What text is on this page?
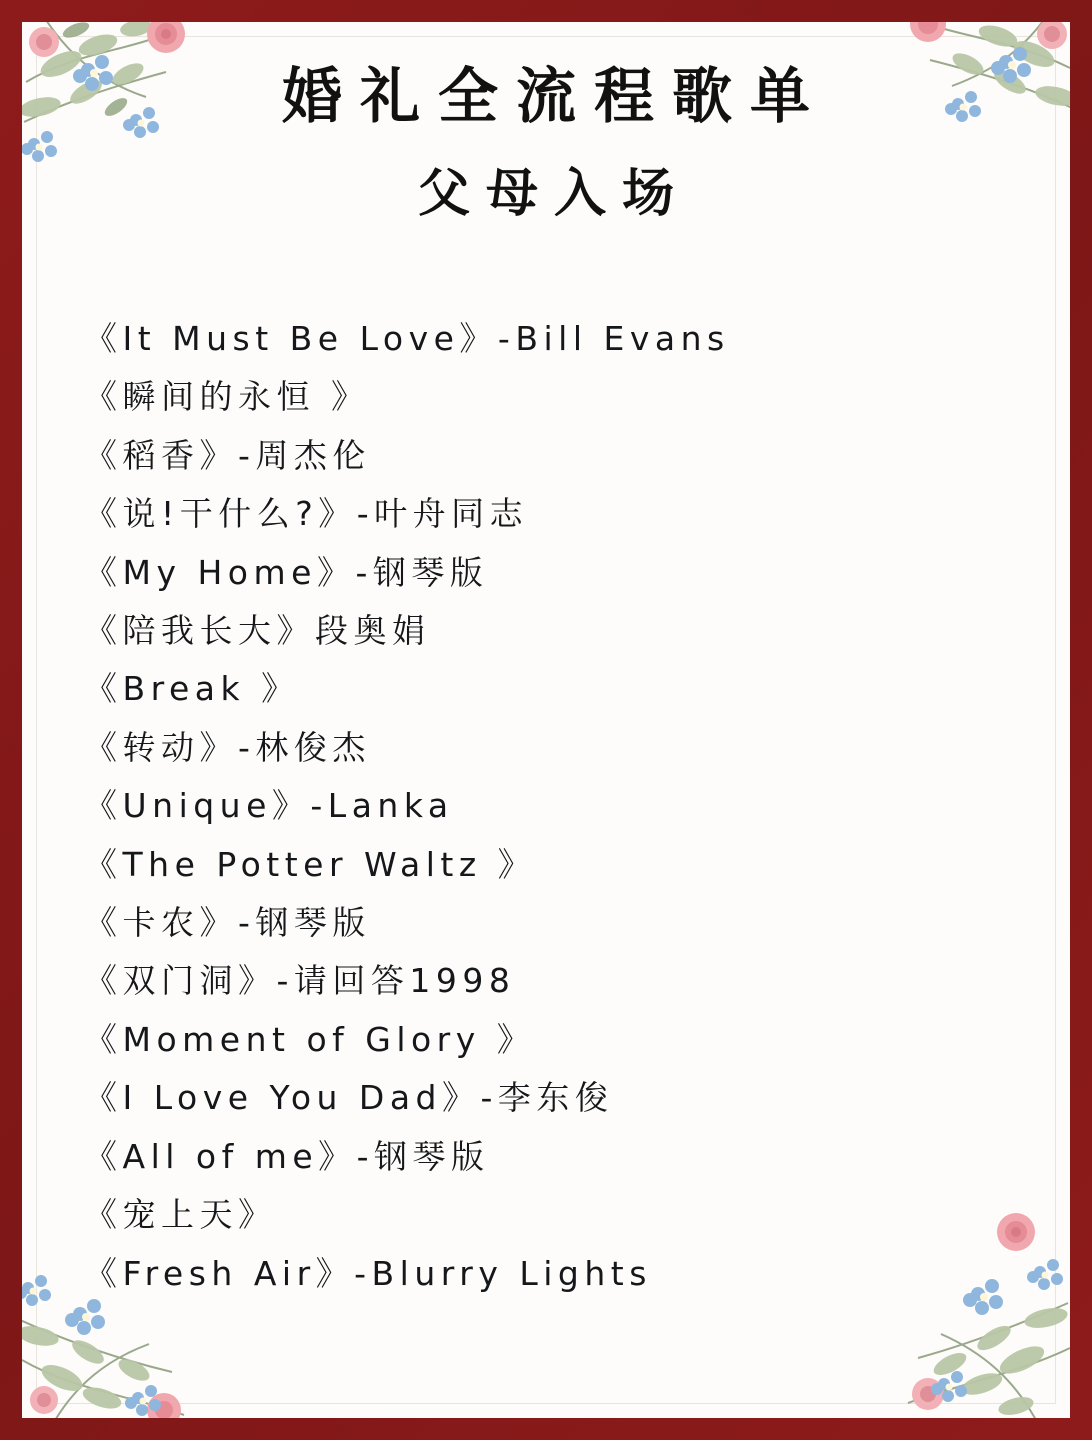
婚礼全流程歌单
父母入场
《It Must Be Love》-Bill Evans
《瞬间的永恒 》
《稻香》-周杰伦
《说!干什么?》-叶舟同志
《My Home》-钢琴版
《陪我长大》段奥娟
《Break 》
《转动》-林俊杰
《Unique》-Lanka
《The Potter Waltz 》
《卡农》-钢琴版
《双门洞》-请回答1998
《Moment of Glory 》
《I Love You Dad》-李东俊
《All of me》-钢琴版
《宠上天》
《Fresh Air》-Blurry Lights
